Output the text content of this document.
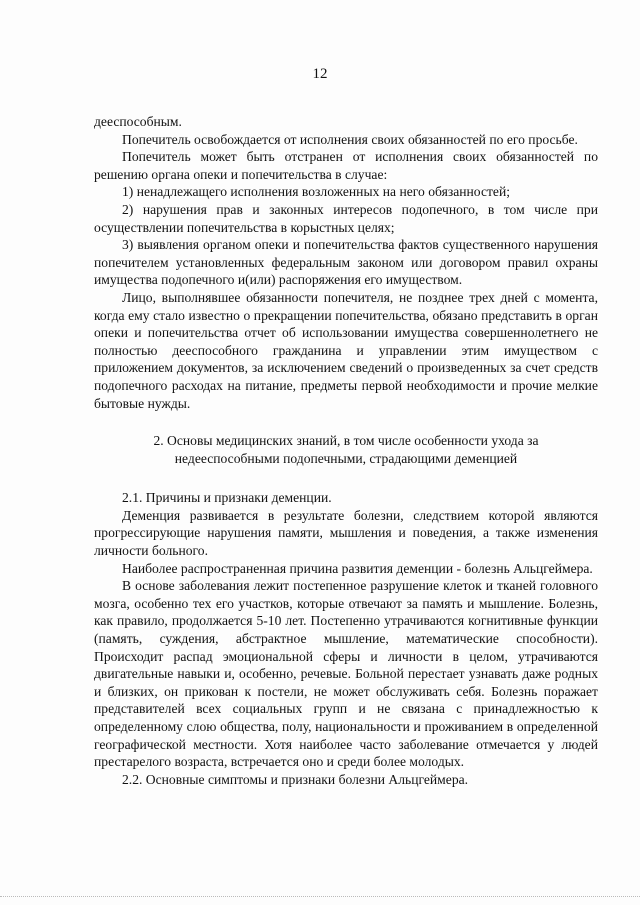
12

дееспособным.

Попечитель освобождается от исполнения своих обязанностей по его просьбе.

Попечитель может быть отстранен от исполнения своих обязанностей по решению органа опеки и попечительства в случае:

1) ненадлежащего исполнения возложенных на него обязанностей;

2) нарушения прав и законных интересов подопечного, в том числе при осуществлении попечительства в корыстных целях;

3) выявления органом опеки и попечительства фактов существенного нарушения попечителем установленных федеральным законом или договором правил охраны имущества подопечного и(или) распоряжения его имуществом.

Лицо, выполнявшее обязанности попечителя, не позднее трех дней с момента, когда ему стало известно о прекращении попечительства, обязано представить в орган опеки и попечительства отчет об использовании имущества совершеннолетнего не полностью дееспособного гражданина и управлении этим имуществом с приложением документов, за исключением сведений о произведенных за счет средств подопечного расходах на питание, предметы первой необходимости и прочие мелкие бытовые нужды.

2. Основы медицинских знаний, в том числе особенности ухода за недееспособными подопечными, страдающими деменцией

2.1. Причины и признаки деменции.

Деменция развивается в результате болезни, следствием которой являются прогрессирующие нарушения памяти, мышления и поведения, а также изменения личности больного.

Наиболее распространенная причина развития деменции - болезнь Альцгеймера.

В основе заболевания лежит постепенное разрушение клеток и тканей головного мозга, особенно тех его участков, которые отвечают за память и мышление. Болезнь, как правило, продолжается 5-10 лет. Постепенно утрачиваются когнитивные функции (память, суждения, абстрактное мышление, математические способности). Происходит распад эмоциональной сферы и личности в целом, утрачиваются двигательные навыки и, особенно, речевые. Больной перестает узнавать даже родных и близких, он прикован к постели, не может обслуживать себя. Болезнь поражает представителей всех социальных групп и не связана с принадлежностью к определенному слою общества, полу, национальности и проживанием в определенной географической местности. Хотя наиболее часто заболевание отмечается у людей престарелого возраста, встречается оно и среди более молодых.

2.2. Основные симптомы и признаки болезни Альцгеймера.
